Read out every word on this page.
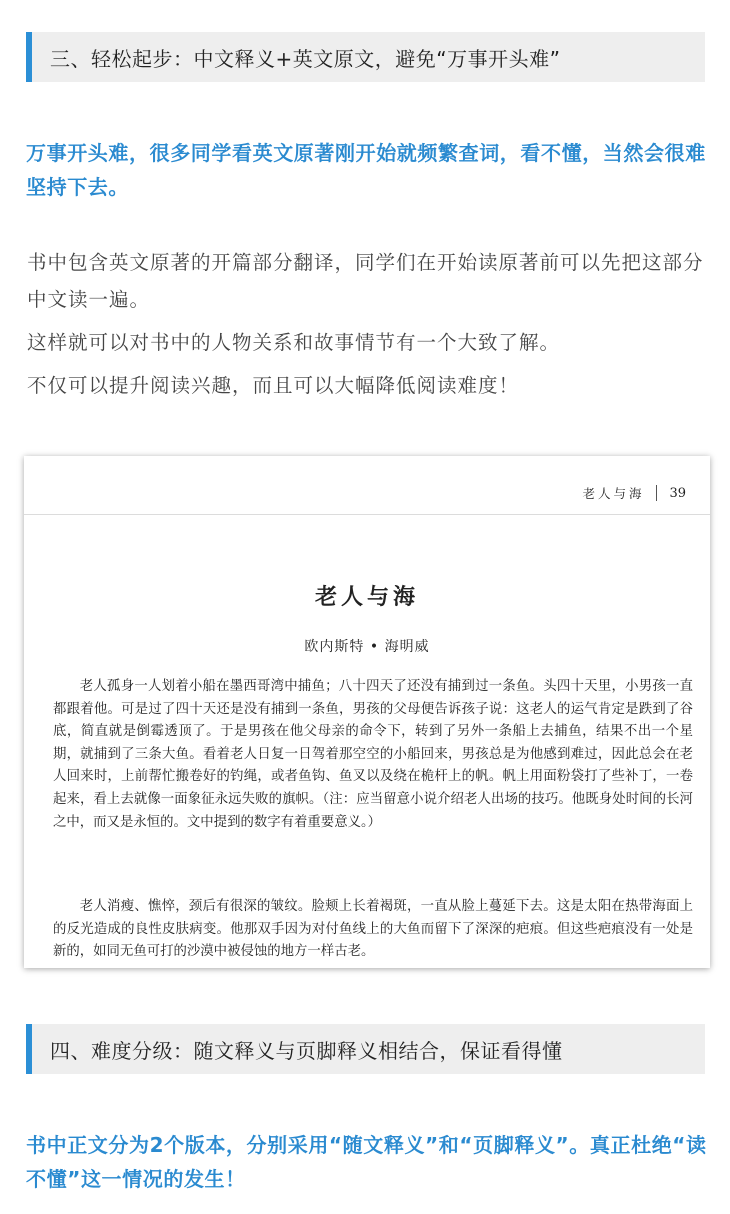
三、轻松起步：中文释义+英文原文，避免“万事开头难”
万事开头难，很多同学看英文原著刚开始就频繁查词，看不懂，当然会很难坚持下去。

书中包含英文原著的开篇部分翻译，同学们在开始读原著前可以先把这部分中文读一遍。

这样就可以对书中的人物关系和故事情节有一个大致了解。

不仅可以提升阅读兴趣，而且可以大幅降低阅读难度！

老人与海 39
老人与海
欧内斯特 • 海明威

老人孤身一人划着小船在墨西哥湾中捕鱼；八十四天了还没有捕到过一条鱼。头四十天里，小男孩一直都跟着他。可是过了四十天还是没有捕到一条鱼，男孩的父母便告诉孩子说：这老人的运气肯定是跌到了谷底，简直就是倒霉透顶了。于是男孩在他父母亲的命令下，转到了另外一条船上去捕鱼，结果不出一个星期，就捕到了三条大鱼。看着老人日复一日驾着那空空的小船回来，男孩总是为他感到难过，因此总会在老人回来时，上前帮忙搬卷好的钓绳，或者鱼钩、鱼叉以及绕在桅杆上的帆。帆上用面粉袋打了些补丁，一卷起来，看上去就像一面象征永远失败的旗帜。（注：应当留意小说介绍老人出场的技巧。他既身处时间的长河之中，而又是永恒的。文中提到的数字有着重要意义。）

老人消瘦、憔悴，颈后有很深的皱纹。脸颊上长着褐斑，一直从脸上蔓延下去。这是太阳在热带海面上的反光造成的良性皮肤病变。他那双手因为对付鱼线上的大鱼而留下了深深的疤痕。但这些疤痕没有一处是新的，如同无鱼可打的沙漠中被侵蚀的地方一样古老。

四、难度分级：随文释义与页脚释义相结合，保证看得懂
书中正文分为2个版本，分别采用“随文释义”和“页脚释义”。真正杜绝“读不懂”这一情况的发生！
